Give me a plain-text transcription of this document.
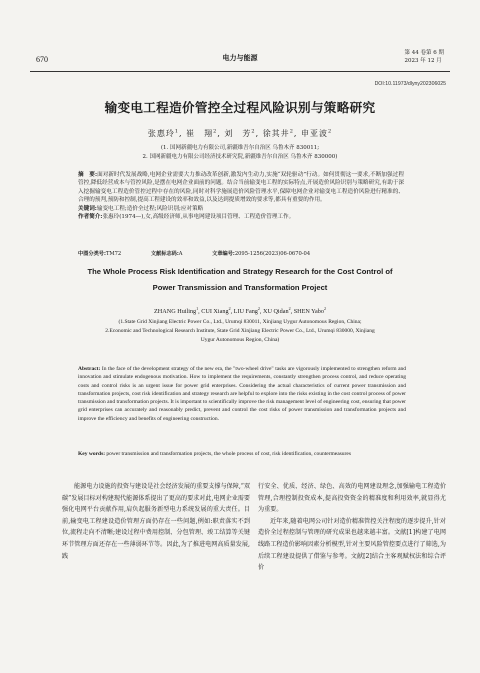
670	电力与能源
第 44 卷第 6 期
2023 年 12 月
DOI:10.11973/dlyny202306025
输变电工程造价管控全过程风险识别与策略研究
张惠玲$^1$, 崔　翔$^2$, 刘　芳$^2$, 徐其井$^2$, 申亚波$^2$
(1. 国网新疆电力有限公司,新疆维吾尔自治区 乌鲁木齐 830011;
2. 国网新疆电力有限公司经济技术研究院,新疆维吾尔自治区 乌鲁木齐 830000)
摘　要:面对新时代发展战略,电网企业需要大力推动改革创新,激发内生动力,实施“双轮驱动”行动。如何贯彻这一要求,不断加强过程管控,降低经营成本与管控风险,是摆在电网企业面前的问题。结合当前输变电工程的实际特点,开展造价风险识别与策略研究,有助于深入挖掘输变电工程造价管控过程中存在的风险,同时对科学施展造价风险管理水平,保障电网企业对输变电工程造价风险进行精准的、合理的预判,预防和控制,提高工程建设的效率和效益,以及达到提质增效的要求等,都具有重要的作用。
关键词:输变电工程;造价全过程;风险识别;应对策略
作者简介:张惠玲(1974—),女,高级经济师,从事电网建设项目管理、工程造价管理工作。
中图分类号:TM72	文献标志码:A	文章编号:2095-1256(2023)06-0670-04
The Whole Process Risk Identification and Strategy Research for the Cost Control of
Power Transmission and Transformation Project
ZHANG Huiling$^1$, CUI Xiang$^2$, LIU Fang$^2$, XU Qidan$^2$, SHEN Yabo$^2$
(1.State Grid Xinjiang Electric Power Co., Ltd., Urumqi 830011, Xinjiang Uygur Autonomous Region, China;
2.Economic and Technological Research Institute, State Grid Xinjiang Electric Power Co., Ltd., Urumqi 830000, Xinjiang
Uygur Autonomous Region, China)
Abstract: In the face of the development strategy of the new era, the "two-wheel drive" tasks are vigorously implemented to strengthen reform and innovation and stimulate endogenous motivation. How to implement the requirements, constantly strengthen process control, and reduce operating costs and control risks is an urgent issue for power grid enterprises. Considering the actual characteristics of current power transmission and transformation projects, cost risk identification and strategy research are helpful to explore into the risks existing in the cost control process of power transmission and transformation projects. It is important to scientifically improve the risk management level of engineering cost, ensuring that power grid enterprises can accurately and reasonably predict, prevent and control the cost risks of power transmission and transformation projects and improve the efficiency and benefits of engineering construction.
Key words: power transmission and transformation projects, the whole process of cost, risk identification, countermeasures

能源电力设施的投资与建设是社会经济发展的重要支撑与保障,“双碳”发展目标对构建现代能源体系提出了更高的要求对此,电网企业需要强化电网平台贡献作用,肩负起服务新型电力系统发展的重大责任。目前,输变电工程建设造价管理方面仍存在一些问题,例如:职责落实不到位,流程走向不清晰;建设过程中费用控制、分包管理、竣工结算等关键环节管理方面还存在一些薄弱环节等。因此,为了推进电网高质量发展,践

行安全、优质、经济、绿色、高效的电网建设理念,加强输电工程造价管理,合理控制投资成本,提高投资资金的精准度和利用效率,就显得尤为重要。

近年来,随着电网公司针对造价精准管控关注程度的逐步提升,针对造价全过程控制与管理的研究成果也越来越丰富。文献[1]构建了电网线路工程造价影响因素分析模型,针对主要风险管控要点进行了筛选,为后续工程建设提供了借鉴与参考。文献[2]结合主客观赋权法和综合评价
